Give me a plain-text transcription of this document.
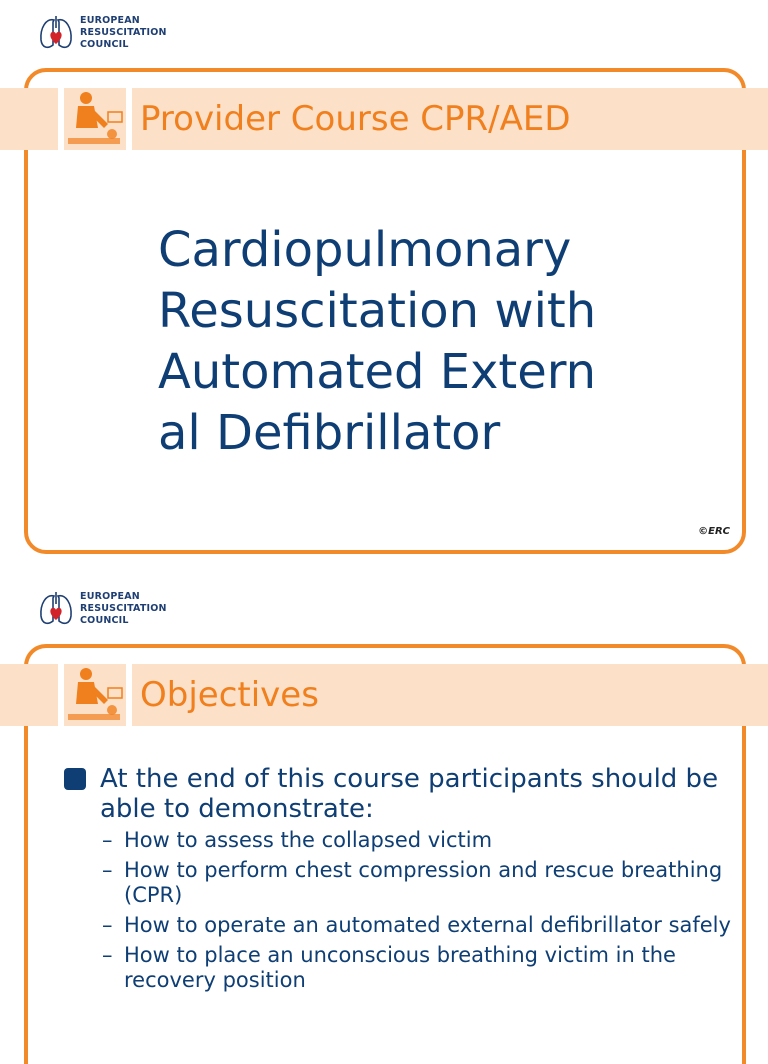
EUROPEAN
RESUSCITATION
COUNCIL
Provider Course CPR/AED
Cardiopulmonary Resuscitation with Automated External Defibrillator
©ERC
EUROPEAN
RESUSCITATION
COUNCIL
Objectives
At the end of this course participants should be able to demonstrate:
– How to assess the collapsed victim
– How to perform chest compression and rescue breathing (CPR)
– How to operate an automated external defibrillator safely
– How to place an unconscious breathing victim in the recovery position
